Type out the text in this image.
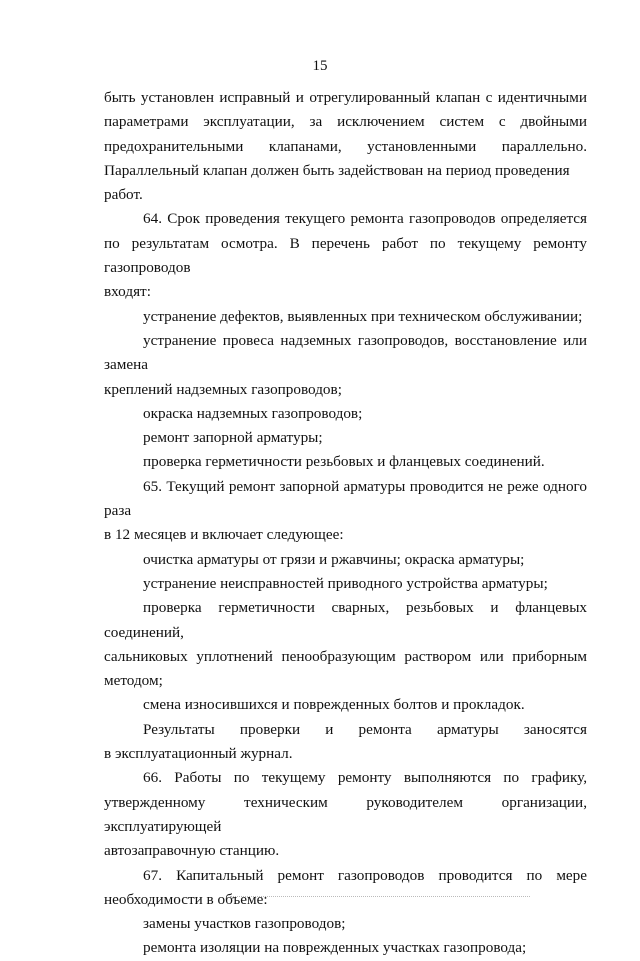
15

быть установлен исправный и отрегулированный клапан с идентичными

параметрами эксплуатации, за исключением систем с двойными

предохранительными клапанами, установленными параллельно.

Параллельный клапан должен быть задействован на период проведения работ.

64. Срок проведения текущего ремонта газопроводов определяется

по результатам осмотра. В перечень работ по текущему ремонту газопроводов

входят:

устранение дефектов, выявленных при техническом обслуживании;

устранение провеса надземных газопроводов, восстановление или замена

креплений надземных газопроводов;

окраска надземных газопроводов;

ремонт запорной арматуры;

проверка герметичности резьбовых и фланцевых соединений.

65. Текущий ремонт запорной арматуры проводится не реже одного раза

в 12 месяцев и включает следующее:

очистка арматуры от грязи и ржавчины; окраска арматуры;

устранение неисправностей приводного устройства арматуры;

проверка герметичности сварных, резьбовых и фланцевых соединений,

сальниковых уплотнений пенообразующим раствором или приборным

методом;

смена износившихся и поврежденных болтов и прокладок.

Результаты проверки и ремонта арматуры заносятся

в эксплуатационный журнал.

66. Работы по текущему ремонту выполняются по графику,

утвержденному техническим руководителем организации, эксплуатирующей

автозаправочную станцию.

67. Капитальный ремонт газопроводов проводится по мере

необходимости в объеме:

замены участков газопроводов;

ремонта изоляции на поврежденных участках газопровода;
